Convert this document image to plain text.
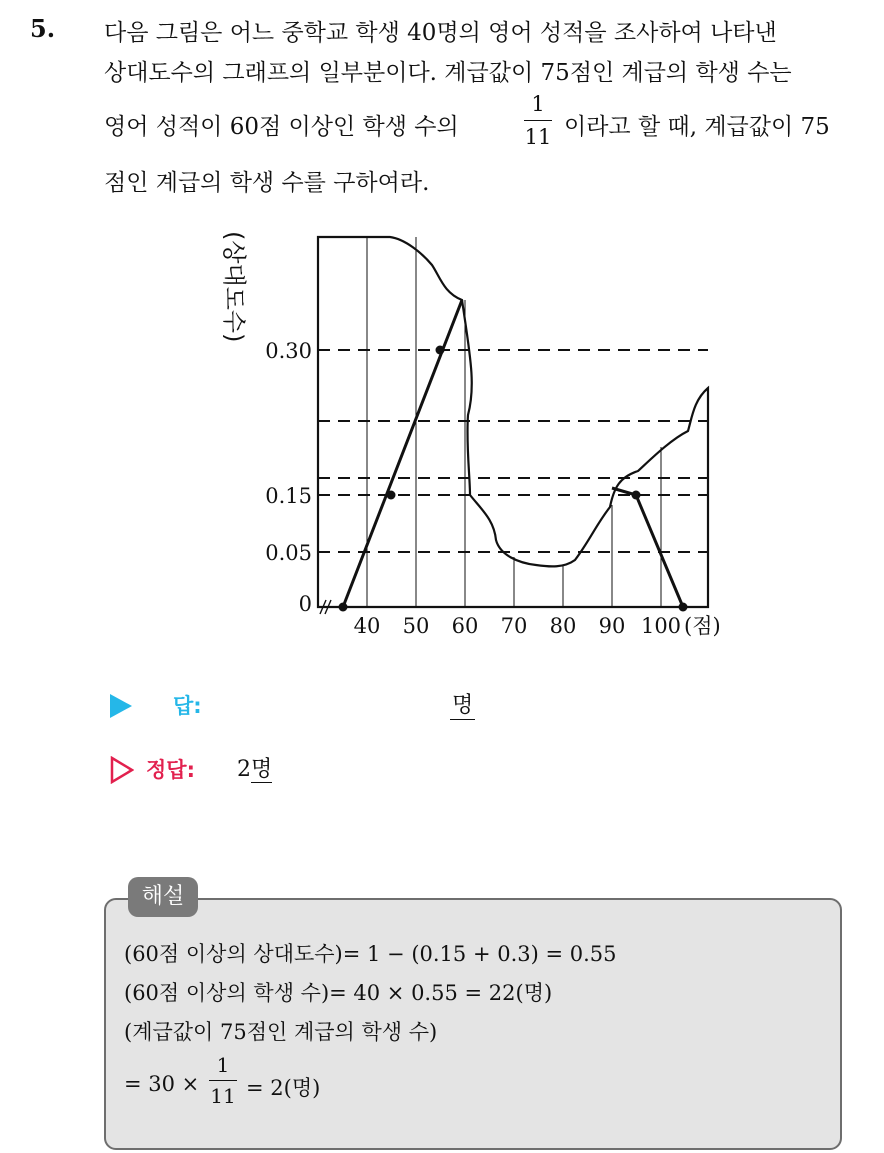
5. 다음 그림은 어느 중학교 학생 40명의 영어 성적을 조사하여 나타낸
상대도수의 그래프의 일부분이다. 계급값이 75점인 계급의 학생 수는
영어 성적이 60점 이상인 학생 수의
1
11 이라고 할 때, 계급값이 75
점인 계급의 학생 수를 구하여라.
0.30
0.15
0.05
0
40 50 60 70 80 90 100 (점)
(상대도수)
답:	명
정답: 2명
해설
(60점 이상의 상대도수)= 1 − (0.15 + 0.3) = 0.55
(60점 이상의 학생 수)= 40 × 0.55 = 22(명)
(계급값이 75점인 계급의 학생 수)
= 30 ×
1
11 = 2(명)
